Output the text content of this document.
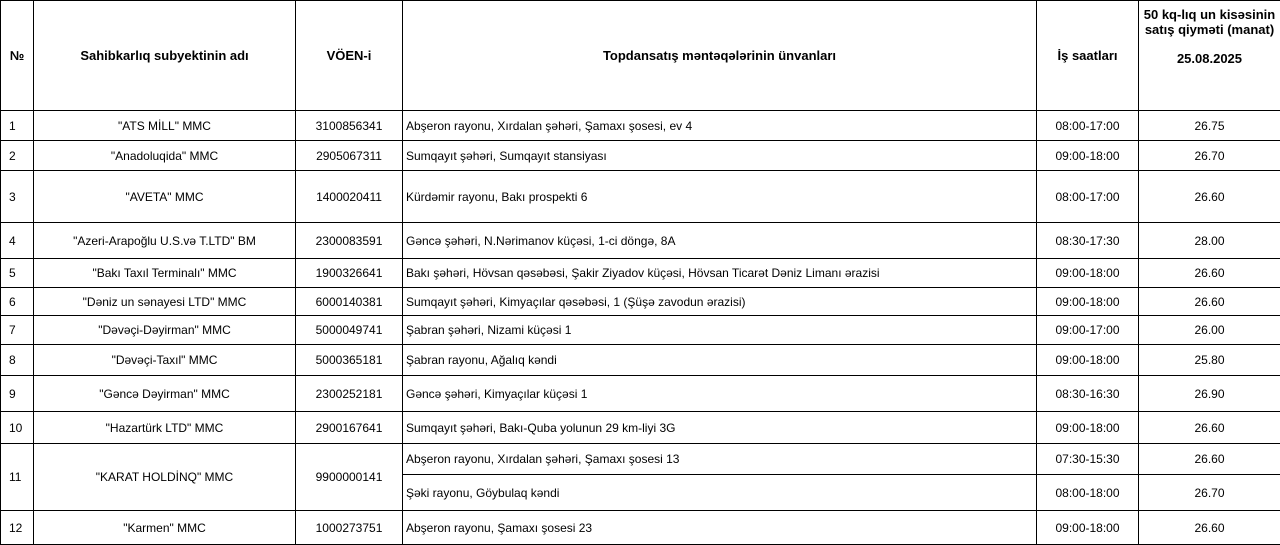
№	Sahibkarlıq subyektinin adı	VÖEN-i	Topdansatış məntəqələrinin ünvanları	İş saatları	50 kq-lıq un kisəsinin satış qiyməti (manat)
25.08.2025

1	"ATS MİLL" MMC	3100856341	Abşeron rayonu, Xırdalan şəhəri, Şamaxı şosesi, ev 4	08:00-17:00	26.75
2	"Anadoluqida" MMC	2905067311	Sumqayıt şəhəri, Sumqayıt stansiyası	09:00-18:00	26.70
3	"AVETA" MMC	1400020411	Kürdəmir rayonu, Bakı prospekti 6	08:00-17:00	26.60
4	"Azeri-Arapoğlu U.S.və T.LTD" BM	2300083591	Gəncə şəhəri, N.Nərimanov küçəsi, 1-ci döngə, 8A	08:30-17:30	28.00
5	"Bakı Taxıl Terminalı" MMC	1900326641	Bakı şəhəri, Hövsan qəsəbəsi, Şakir Ziyadov küçəsi, Hövsan Ticarət Dəniz Limanı ərazisi	09:00-18:00	26.60
6	"Dəniz un sənayesi LTD" MMC	6000140381	Sumqayıt şəhəri, Kimyaçılar qəsəbəsi, 1 (Şüşə zavodun ərazisi)	09:00-18:00	26.60
7	"Dəvəçi-Dəyirman" MMC	5000049741	Şabran şəhəri, Nizami küçəsi 1	09:00-17:00	26.00
8	"Dəvəçi-Taxıl" MMC	5000365181	Şabran rayonu, Ağalıq kəndi	09:00-18:00	25.80
9	"Gəncə Dəyirman" MMC	2300252181	Gəncə şəhəri, Kimyaçılar küçəsi 1	08:30-16:30	26.90
10	"Hazartürk LTD" MMC	2900167641	Sumqayıt şəhəri, Bakı-Quba yolunun 29 km-liyi 3G	09:00-18:00	26.60
11	"KARAT HOLDİNQ" MMC	9900000141	Abşeron rayonu, Xırdalan şəhəri, Şamaxı şosesi 13	07:30-15:30	26.60
			Şəki rayonu, Göybulaq kəndi	08:00-18:00	26.70
12	"Karmen" MMC	1000273751	Abşeron rayonu, Şamaxı şosesi 23	09:00-18:00	26.60
